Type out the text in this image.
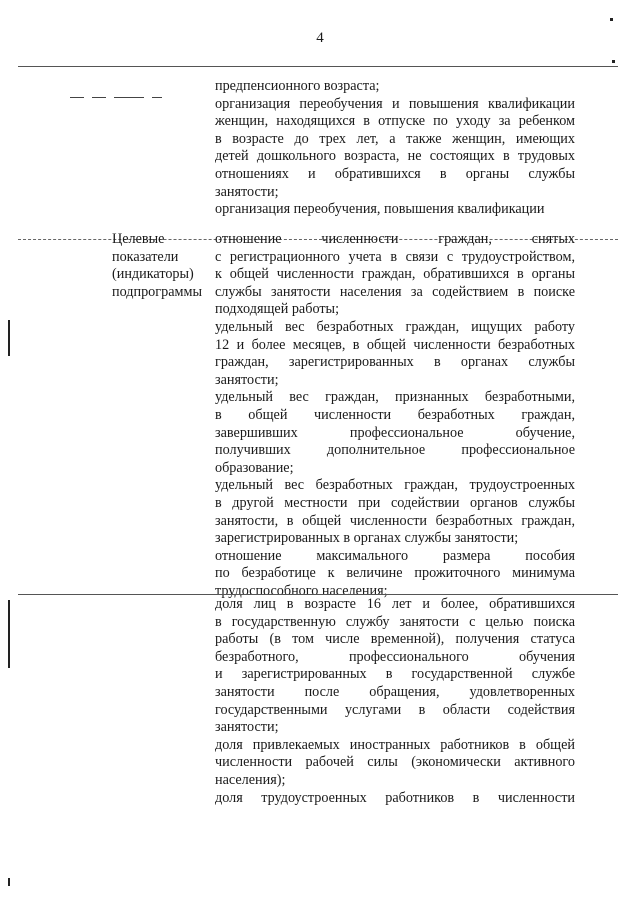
4
предпенсионного возраста;
организация переобучения и повышения квалификации
женщин, находящихся в отпуске по уходу за ребенком
в возрасте до трех лет, а также женщин, имеющих
детей дошкольного возраста, не состоящих в трудовых
отношениях и обратившихся в органы службы
занятости;
организация переобучения, повышения квалификации
Целевые
показатели
(индикаторы)
подпрограммы
отношение численности граждан, снятых
с регистрационного учета в связи с трудоустройством,
к общей численности граждан, обратившихся в органы
службы занятости населения за содействием в поиске
подходящей работы;
удельный вес безработных граждан, ищущих работу
12 и более месяцев, в общей численности безработных
граждан, зарегистрированных в органах службы
занятости;
удельный вес граждан, признанных безработными,
в общей численности безработных граждан,
завершивших профессиональное обучение,
получивших дополнительное профессиональное
образование;
удельный вес безработных граждан, трудоустроенных
в другой местности при содействии органов службы
занятости, в общей численности безработных граждан,
зарегистрированных в органах службы занятости;
отношение максимального размера пособия
по безработице к величине прожиточного минимума
трудоспособного населения;
доля лиц в возрасте 16 лет и более, обратившихся
в государственную службу занятости с целью поиска
работы (в том числе временной), получения статуса
безработного, профессионального обучения
и зарегистрированных в государственной службе
занятости после обращения, удовлетворенных
государственными услугами в области содействия
занятости;
доля привлекаемых иностранных работников в общей
численности рабочей силы (экономически активного
населения);
доля трудоустроенных работников в численности
